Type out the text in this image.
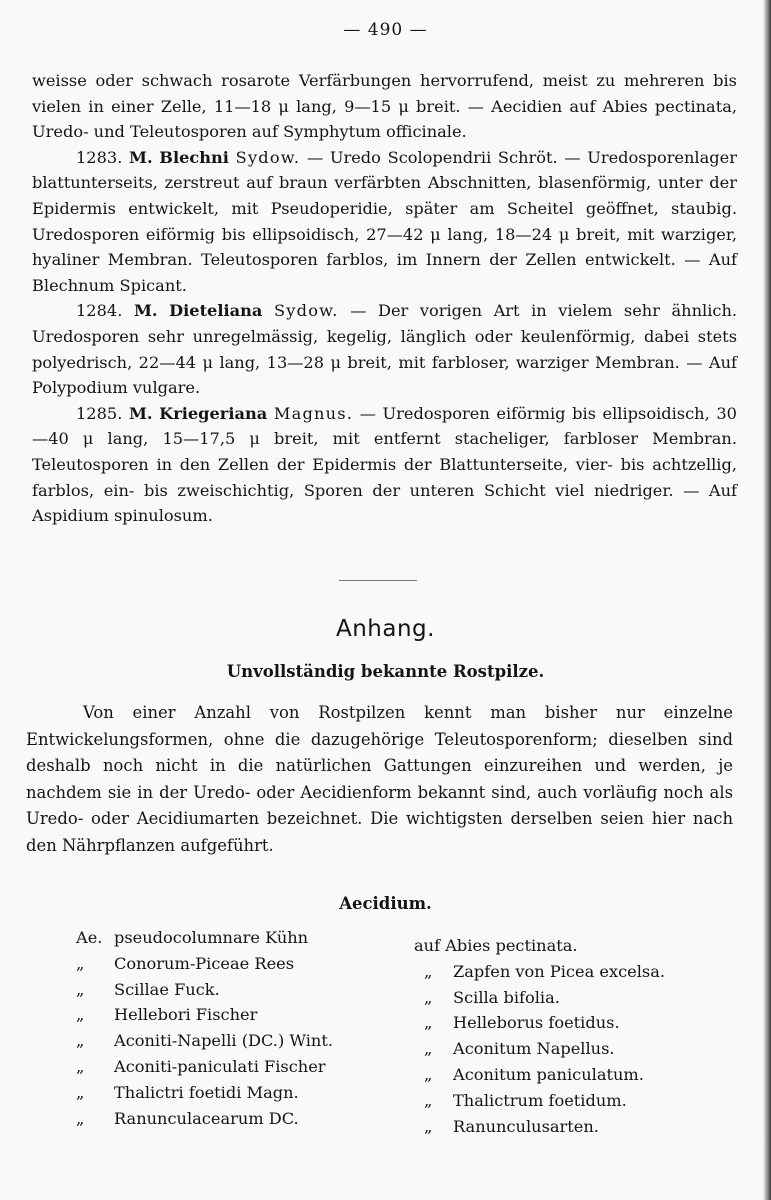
— 490 —

weisse oder schwach rosarote Verfärbungen hervorrufend, meist zu mehreren bis vielen in einer Zelle, 11—18 μ lang, 9—15 μ breit. — Aecidien auf Abies pectinata, Uredo- und Teleutosporen auf Symphytum officinale.

1283. M. Blechni Sydow. — Uredo Scolopendrii Schröt. — Uredosporenlager blattunterseits, zerstreut auf braun verfärbten Abschnitten, blasenförmig, unter der Epidermis entwickelt, mit Pseudoperidie, später am Scheitel geöffnet, staubig. Uredosporen eiförmig bis ellipsoidisch, 27—42 μ lang, 18—24 μ breit, mit warziger, hyaliner Membran. Teleutosporen farblos, im Innern der Zellen entwickelt. — Auf Blechnum Spicant.

1284. M. Dieteliana Sydow. — Der vorigen Art in vielem sehr ähnlich. Uredosporen sehr unregelmässig, kegelig, länglich oder keulenförmig, dabei stets polyedrisch, 22—44 μ lang, 13—28 μ breit, mit farbloser, warziger Membran. — Auf Polypodium vulgare.

1285. M. Kriegeriana Magnus. — Uredosporen eiförmig bis ellipsoidisch, 30—40 μ lang, 15—17,5 μ breit, mit entfernt stacheliger, farbloser Membran. Teleutosporen in den Zellen der Epidermis der Blattunterseite, vier- bis achtzellig, farblos, ein- bis zweischichtig, Sporen der unteren Schicht viel niedriger. — Auf Aspidium spinulosum.

Anhang.
Unvollständig bekannte Rostpilze.

Von einer Anzahl von Rostpilzen kennt man bisher nur einzelne Entwickelungsformen, ohne die dazugehörige Teleutosporenform; dieselben sind deshalb noch nicht in die natürlichen Gattungen einzureihen und werden, je nachdem sie in der Uredo- oder Aecidienform bekannt sind, auch vorläufig noch als Uredo- oder Aecidiumarten bezeichnet. Die wichtigsten derselben seien hier nach den Nährpflanzen aufgeführt.

Aecidium.
Ae. pseudocolumnare Kühn	auf Abies pectinata.
„	Conorum-Piceae Rees	„	Zapfen von Picea excelsa.
„	Scillae Fuck.	„	Scilla bifolia.
„	Hellebori Fischer	„	Helleborus foetidus.
„	Aconiti-Napelli (DC.) Wint.	„	Aconitum Napellus.
„	Aconiti-paniculati Fischer	„	Aconitum paniculatum.
„	Thalictri foetidi Magn.	„	Thalictrum foetidum.
„	Ranunculacearum DC.	„	Ranunculusarten.
